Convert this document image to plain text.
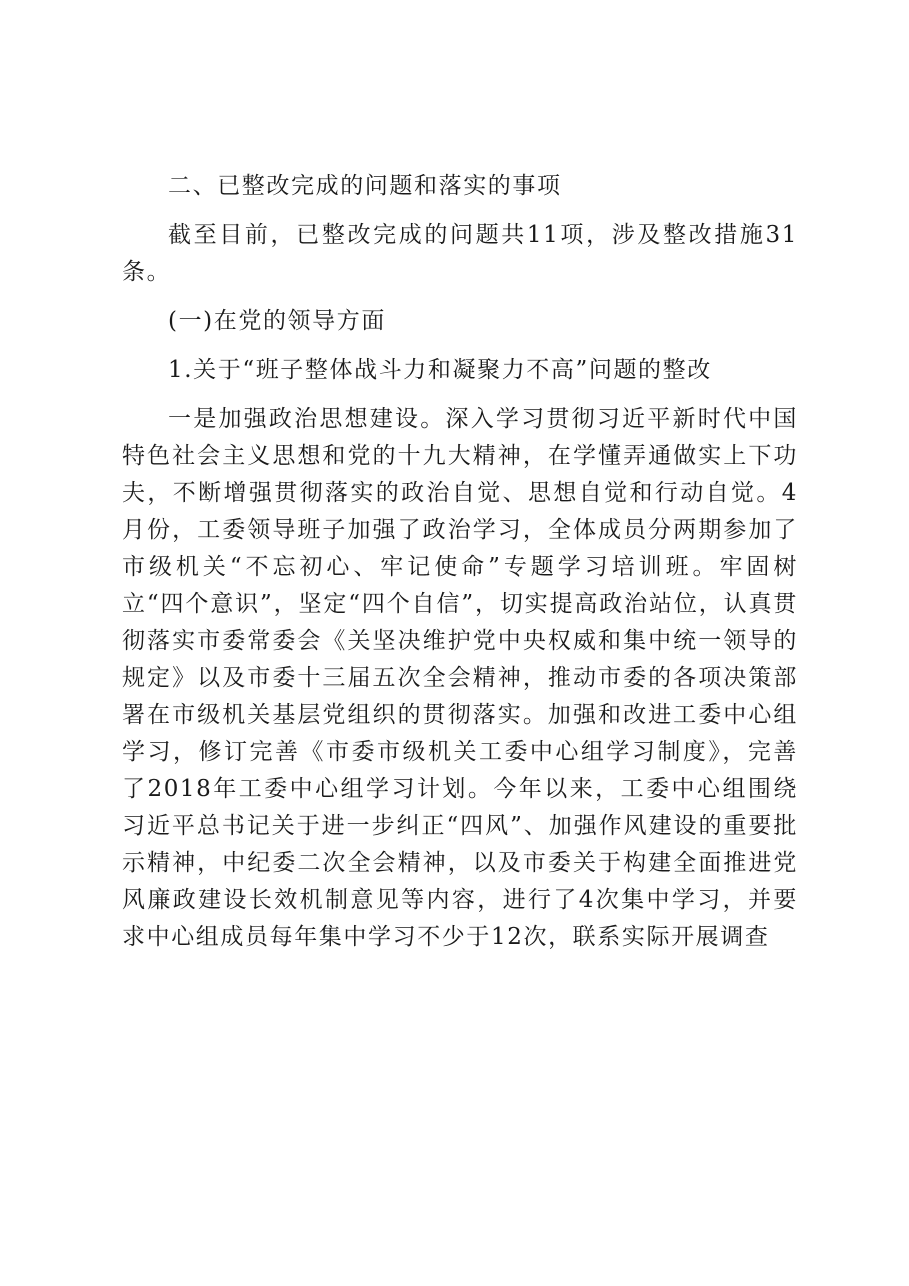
二、已整改完成的问题和落实的事项

截至目前，已整改完成的问题共11项，涉及整改措施31条。

(一)在党的领导方面

1.关于“班子整体战斗力和凝聚力不高”问题的整改

一是加强政治思想建设。深入学习贯彻习近平新时代中国特色社会主义思想和党的十九大精神，在学懂弄通做实上下功夫，不断增强贯彻落实的政治自觉、思想自觉和行动自觉。4月份，工委领导班子加强了政治学习，全体成员分两期参加了市级机关“不忘初心、牢记使命”专题学习培训班。牢固树立“四个意识”，坚定“四个自信”，切实提高政治站位，认真贯彻落实市委常委会《关坚决维护党中央权威和集中统一领导的规定》以及市委十三届五次全会精神，推动市委的各项决策部署在市级机关基层党组织的贯彻落实。加强和改进工委中心组学习，修订完善《市委市级机关工委中心组学习制度》，完善了2018年工委中心组学习计划。今年以来，工委中心组围绕习近平总书记关于进一步纠正“四风”、加强作风建设的重要批示精神，中纪委二次全会精神，以及市委关于构建全面推进党风廉政建设长效机制意见等内容，进行了4次集中学习，并要求中心组成员每年集中学习不少于12次，联系实际开展调查
